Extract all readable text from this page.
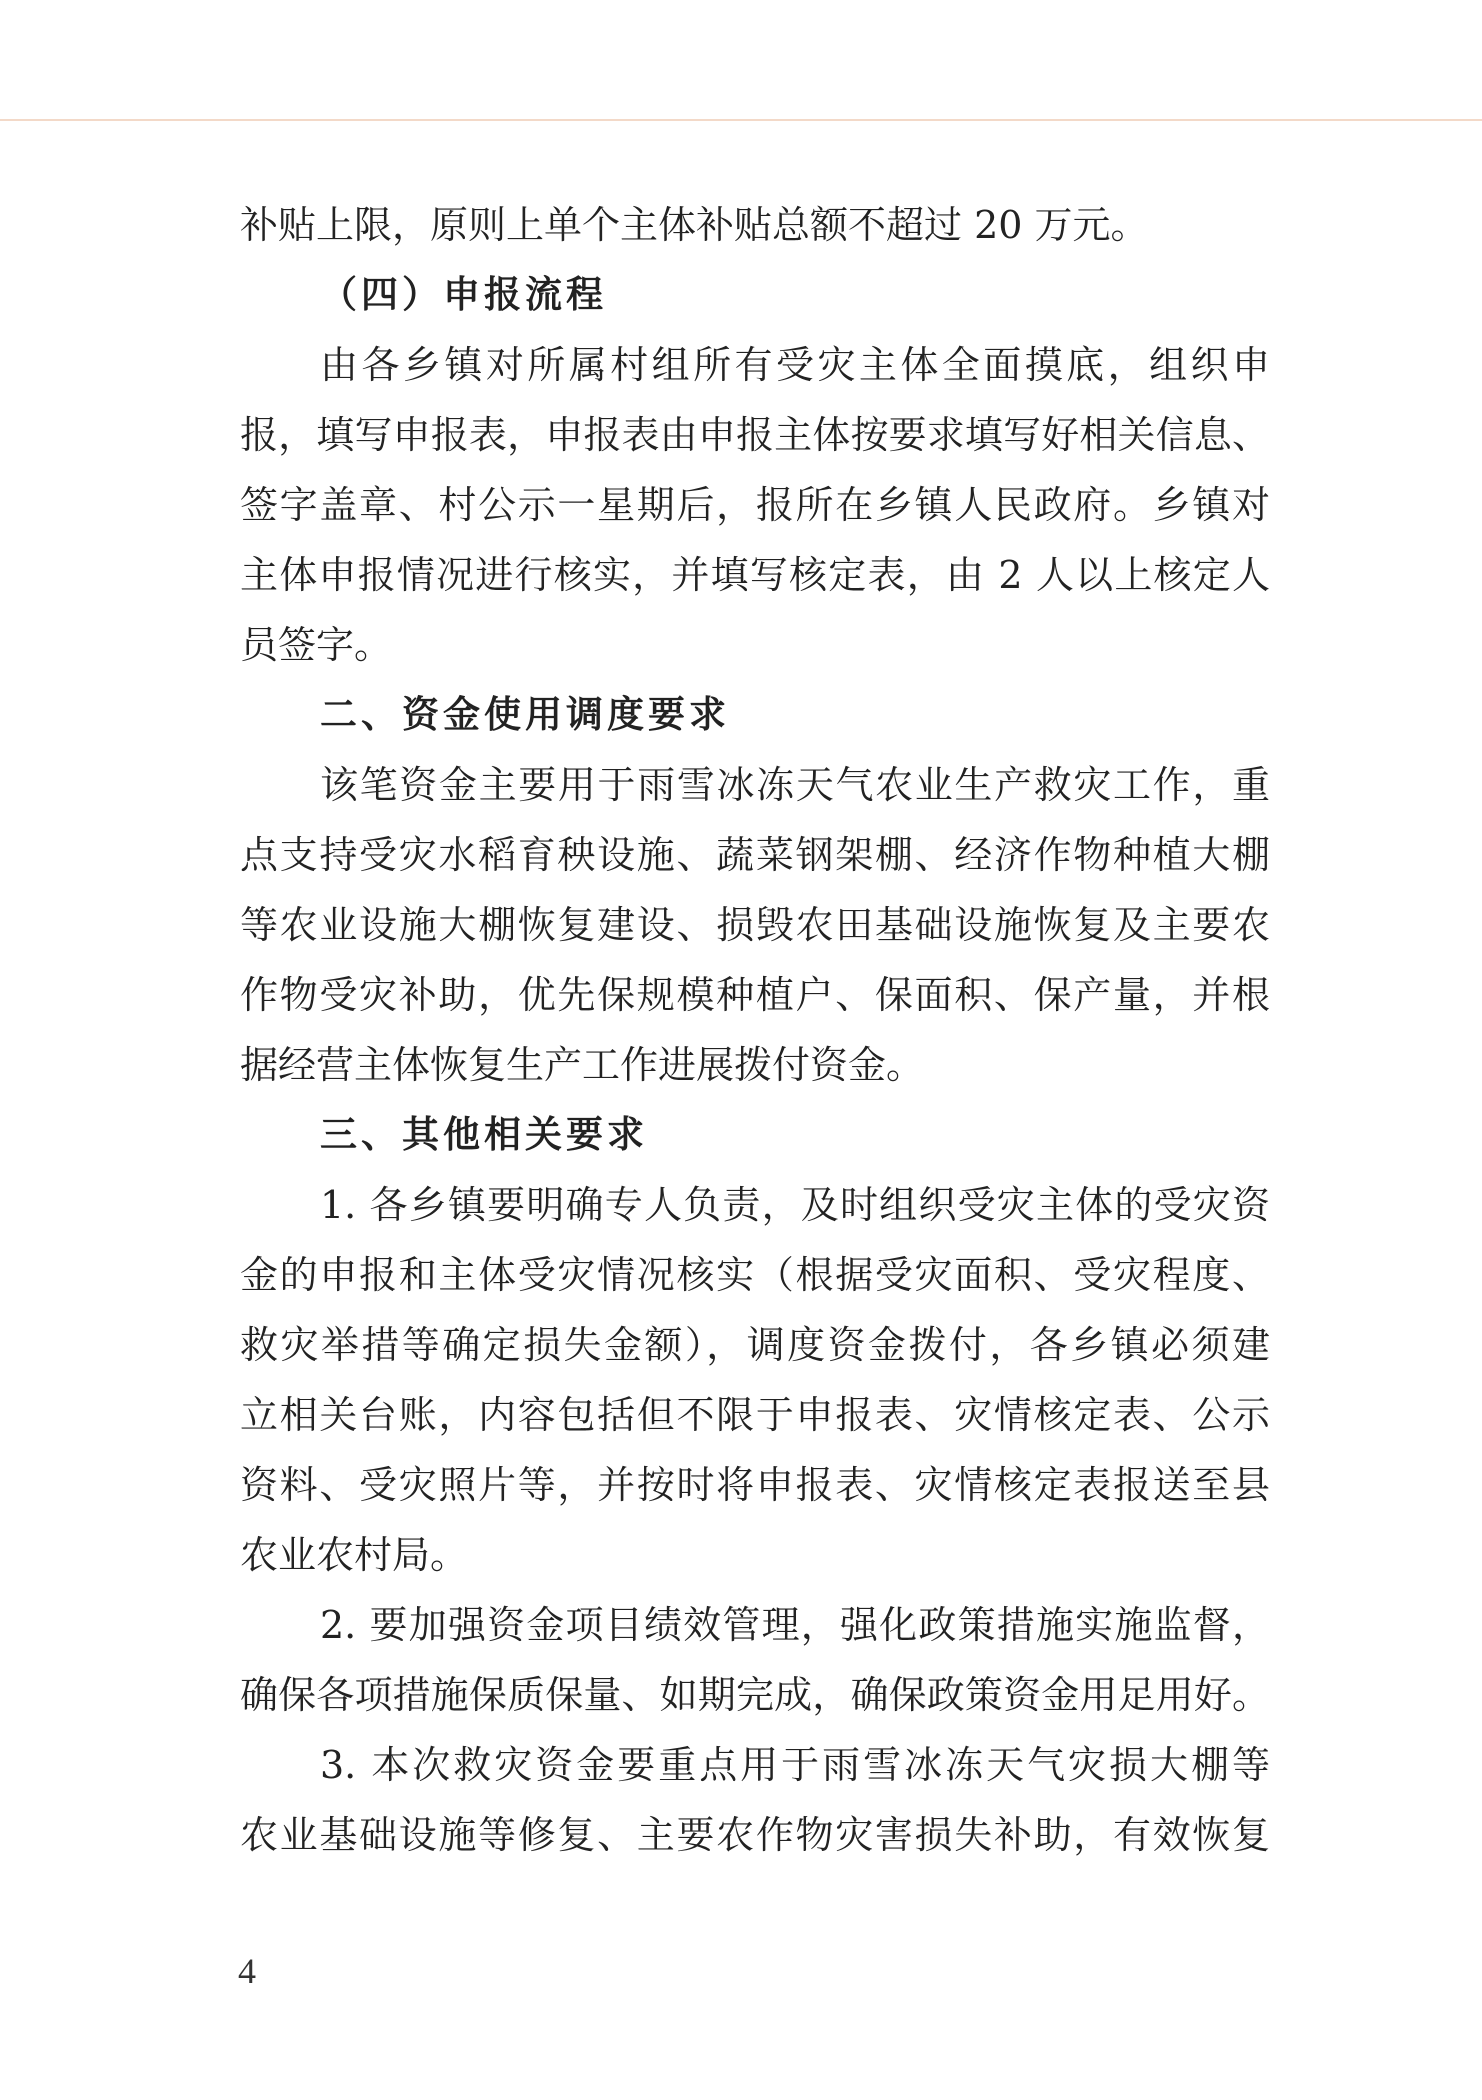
补贴上限，原则上单个主体补贴总额不超过 20 万元。
（四）申报流程
由各乡镇对所属村组所有受灾主体全面摸底，组织申
报，填写申报表，申报表由申报主体按要求填写好相关信息、
签字盖章、村公示一星期后，报所在乡镇人民政府。乡镇对
主体申报情况进行核实，并填写核定表，由 2 人以上核定人
员签字。
二、资金使用调度要求
该笔资金主要用于雨雪冰冻天气农业生产救灾工作，重
点支持受灾水稻育秧设施、蔬菜钢架棚、经济作物种植大棚
等农业设施大棚恢复建设、损毁农田基础设施恢复及主要农
作物受灾补助，优先保规模种植户、保面积、保产量，并根
据经营主体恢复生产工作进展拨付资金。
三、其他相关要求
1. 各乡镇要明确专人负责，及时组织受灾主体的受灾资
金的申报和主体受灾情况核实（根据受灾面积、受灾程度、
救灾举措等确定损失金额），调度资金拨付，各乡镇必须建
立相关台账，内容包括但不限于申报表、灾情核定表、公示
资料、受灾照片等，并按时将申报表、灾情核定表报送至县
农业农村局。
2. 要加强资金项目绩效管理，强化政策措施实施监督，
确保各项措施保质保量、如期完成，确保政策资金用足用好。
3. 本次救灾资金要重点用于雨雪冰冻天气灾损大棚等
农业基础设施等修复、主要农作物灾害损失补助，有效恢复
4
